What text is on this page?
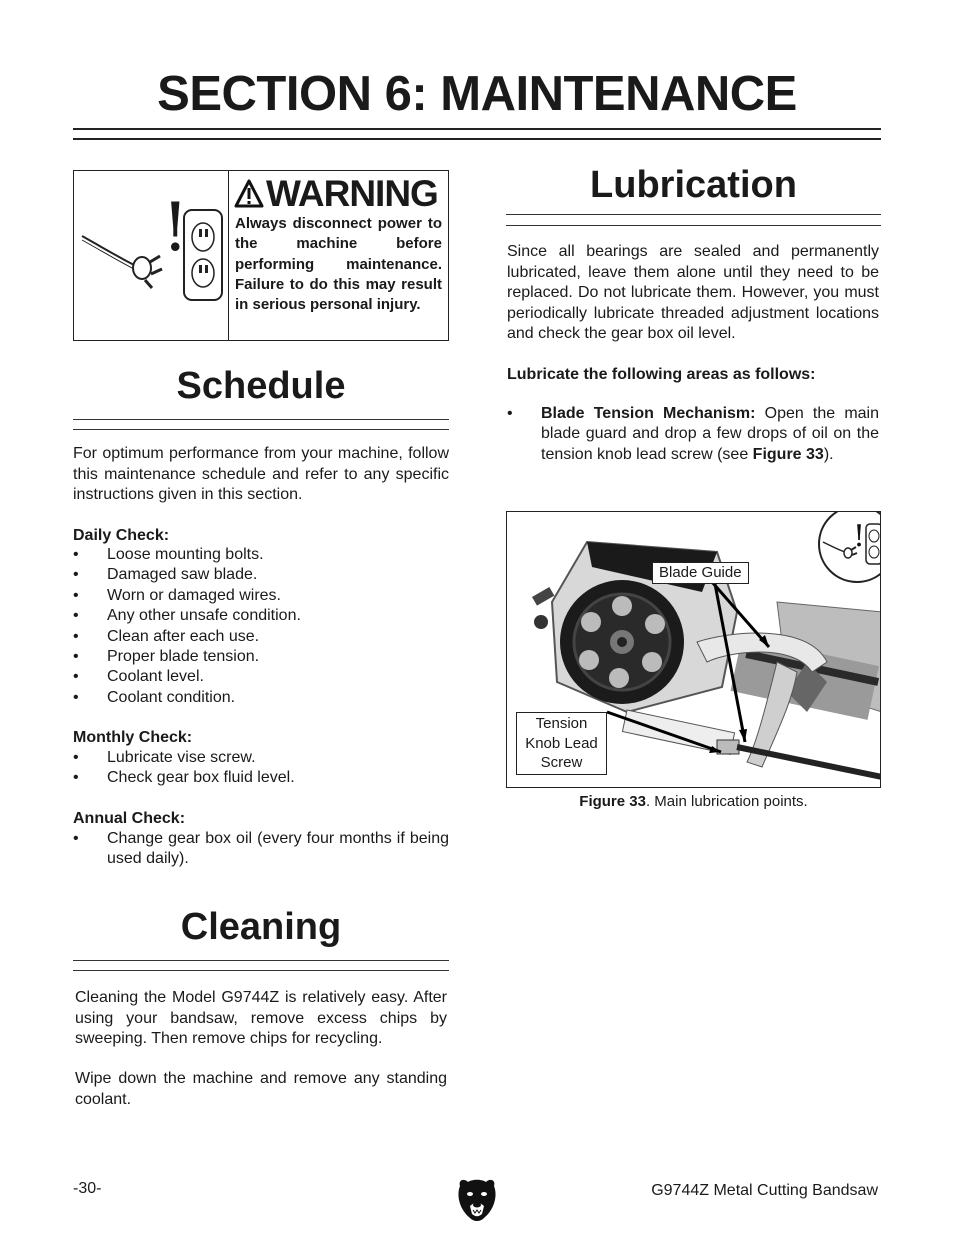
SECTION 6: MAINTENANCE
! WARNING
Always disconnect power to the machine before performing maintenance. Failure to do this may result in serious personal injury.
Schedule
For optimum performance from your machine, follow this maintenance schedule and refer to any specific instructions given in this section.
Daily Check:
• Loose mounting bolts.
• Damaged saw blade.
• Worn or damaged wires.
• Any other unsafe condition.
• Clean after each use.
• Proper blade tension.
• Coolant level.
• Coolant condition.
Monthly Check:
• Lubricate vise screw.
• Check gear box fluid level.
Annual Check:
• Change gear box oil (every four months if being used daily).
Cleaning
Cleaning the Model G9744Z is relatively easy. After using your bandsaw, remove excess chips by sweeping. Then remove chips for recycling.
Wipe down the machine and remove any standing coolant.
Lubrication
Since all bearings are sealed and permanently lubricated, leave them alone until they need to be replaced. Do not lubricate them. However, you must periodically lubricate threaded adjustment locations and check the gear box oil level.
Lubricate the following areas as follows:
• Blade Tension Mechanism: Open the main blade guard and drop a few drops of oil on the tension knob lead screw (see Figure 33).
!
Blade Guide
Tension
Knob Lead
Screw
Figure 33. Main lubrication points.
-30-	G9744Z Metal Cutting Bandsaw
